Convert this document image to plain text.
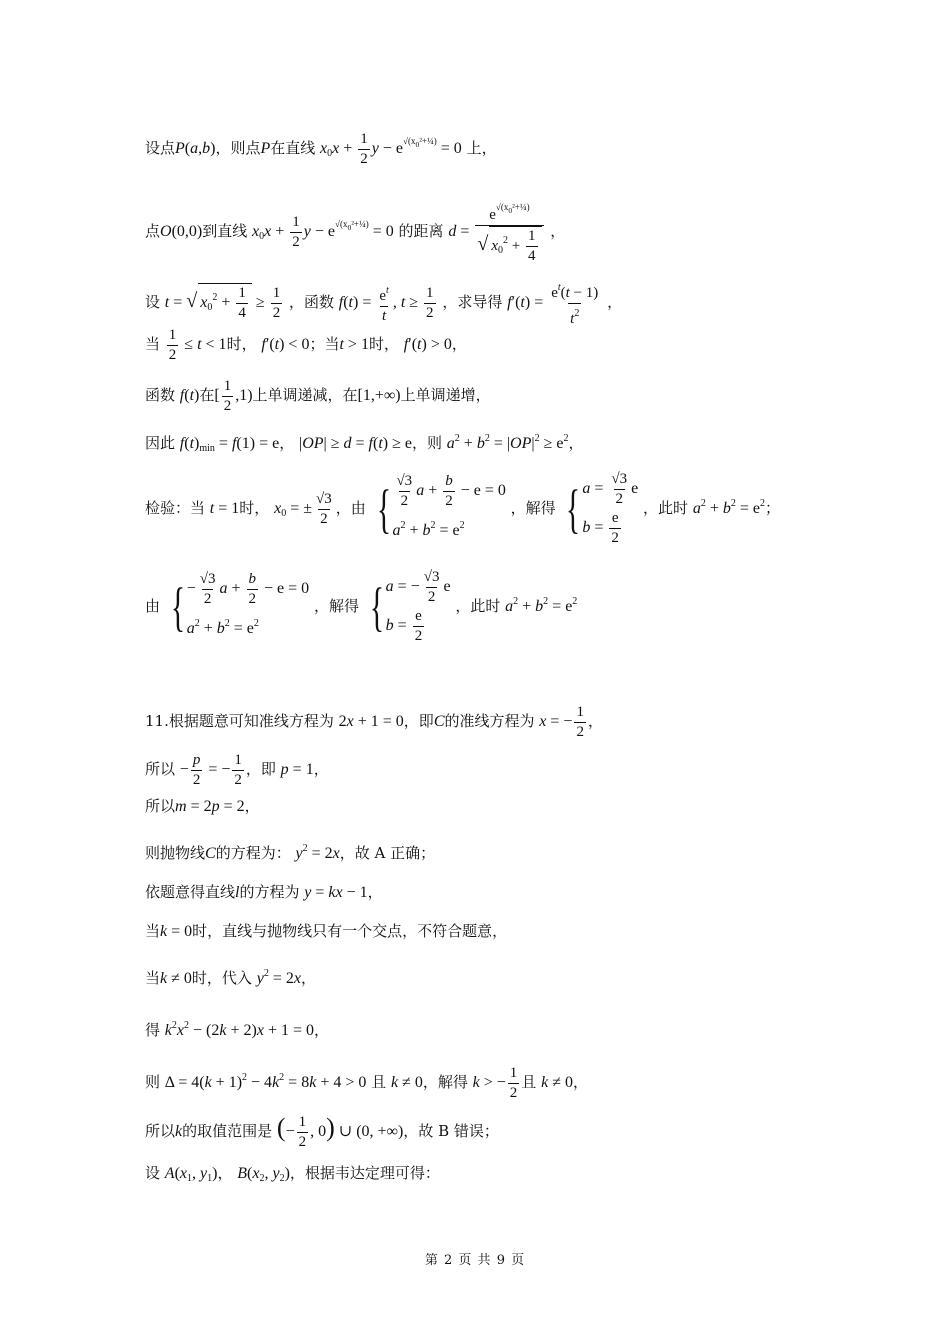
设点P(a,b)，则点P在直线 $x_0x + \frac{1}{2}$ $y - e^{√(x_0^2+\frac{1}{4})} = 0$ 上，
点O(0,0)到直线 $x_0x + \frac{1}{2}$ $y - e^{√(x_0^2+\frac{1}{4})} = 0$ 的距离 $d = \frac{e^{√(x_0^2+\frac{1}{4})}}{√ x_0^2 + \frac{1}{4}}$ ，
设 t = √ $x_0^2 + \frac{1}{4} \ge \frac{1}{2}$ ，函数 $f(t) = \frac{e^t}{t}$ , $t \ge \frac{1}{2}$ ，求导得 $f'(t) = \frac{e^t(t - 1)}{t^2}$ ，
当 $\frac{1}{2} \le t < 1$时， f′(t) < 0；当t > 1时， f′(t) > 0，
函数 f(t)在[ $\frac{1}{2} ,1$)上单调递减，在[1,+∞)上单调递增，
因此 $f(t)_{min} = f(1) = e$， |OP| ≥ d = f(t) ≥ e，则 $a^2 + b^2 = |OP|^2 \ge e^2$，
检验：当 t = 1时， $x_0$ = ± $\frac{√3}{2}$ ，由 { $\frac{√3}{2}$ $a + \frac{b}{2} - e = 0$
$a^2 + b^2 = e^2$
，解得 { $a = \frac{√3}{2}$ e
$b = \frac{e}{2}$
，此时 $a^2 + b^2 = e^2$；
由 { − $\frac{√3}{2}$ $a + \frac{b}{2} - e = 0$
$a^2 + b^2 = e^2$
，解得 { a = − $\frac{√3}{2}$ e
$b = \frac{e}{2}$
，此时 $a^2 + b^2 = e^2$
11.根据题意可知准线方程为 2x + 1 = 0，即C的准线方程为 x = − $\frac{1}{2}$ ，
所以 − $\frac{p}{2}$ = − $\frac{1}{2}$ ，即 p = 1，
所以m = 2p = 2，
则抛物线C的方程为： $y^2 = 2x$，故 A 正确；
依题意得直线l的方程为 y = kx − 1，
当k = 0时，直线与抛物线只有一个交点，不符合题意，
当k ≠ 0时，代入 $y^2 = 2x$，
得 $k^2x^2 - (2k + 2)x + 1 = 0$，
则 $\Delta = 4(k + 1)^2 - 4k^2 = 8k + 4 > 0$ 且 k ≠ 0，解得 k > − $\frac{1}{2}$ 且 k ≠ 0，
所以k的取值范围是 (− $\frac{1}{2}$ , 0) ∪ (0, +∞)，故 B 错误；
设 $A(x_1$, $y_1$)， $B(x_2$, $y_2$)，根据韦达定理可得：
第 2 页 共 9 页
